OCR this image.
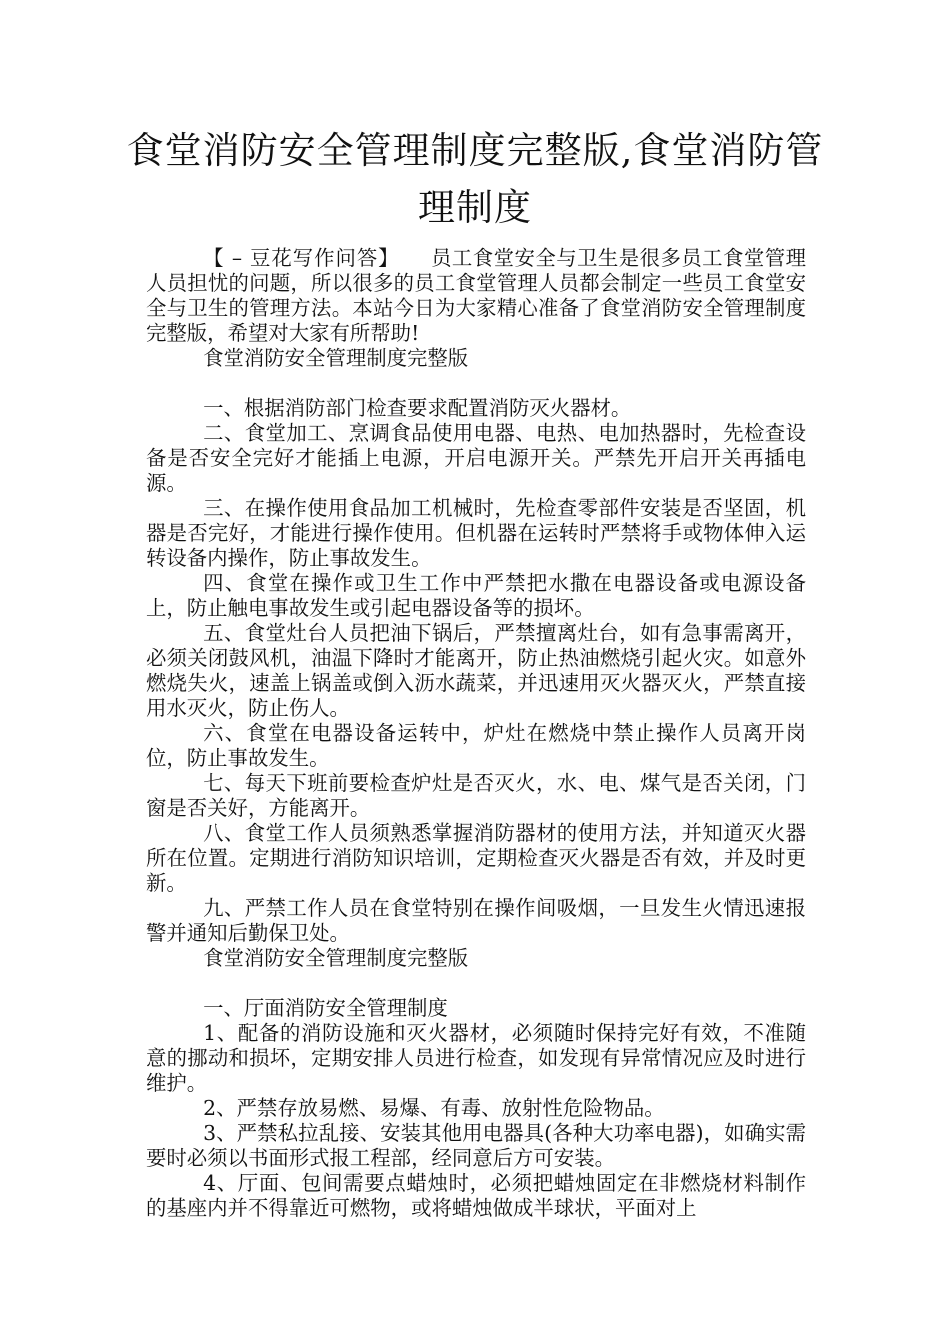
食堂消防安全管理制度完整版,食堂消防管理制度

【 – 豆花写作问答】　　 员工食堂安全与卫生是很多员工食堂管理人员担忧的问题，所以很多的员工食堂管理人员都会制定一些员工食堂安全与卫生的管理方法。本站今日为大家精心准备了食堂消防安全管理制度完整版，希望对大家有所帮助!

食堂消防安全管理制度完整版

一、根据消防部门检查要求配置消防灭火器材。

二、食堂加工、烹调食品使用电器、电热、电加热器时，先检查设备是否安全完好才能插上电源，开启电源开关。严禁先开启开关再插电源。

三、在操作使用食品加工机械时，先检查零部件安装是否坚固，机器是否完好，才能进行操作使用。但机器在运转时严禁将手或物体伸入运转设备内操作，防止事故发生。

四、食堂在操作或卫生工作中严禁把水撒在电器设备或电源设备上，防止触电事故发生或引起电器设备等的损坏。

五、食堂灶台人员把油下锅后，严禁擅离灶台，如有急事需离开，必须关闭鼓风机，油温下降时才能离开，防止热油燃烧引起火灾。如意外燃烧失火，速盖上锅盖或倒入沥水蔬菜，并迅速用灭火器灭火，严禁直接用水灭火，防止伤人。

六、食堂在电器设备运转中，炉灶在燃烧中禁止操作人员离开岗位，防止事故发生。

七、每天下班前要检查炉灶是否灭火，水、电、煤气是否关闭，门窗是否关好，方能离开。

八、食堂工作人员须熟悉掌握消防器材的使用方法，并知道灭火器所在位置。定期进行消防知识培训，定期检查灭火器是否有效，并及时更新。

九、严禁工作人员在食堂特别在操作间吸烟，一旦发生火情迅速报警并通知后勤保卫处。

食堂消防安全管理制度完整版

一、厅面消防安全管理制度

1、配备的消防设施和灭火器材，必须随时保持完好有效，不准随意的挪动和损坏，定期安排人员进行检查，如发现有异常情况应及时进行维护。

2、严禁存放易燃、易爆、有毒、放射性危险物品。

3、严禁私拉乱接、安装其他用电器具(各种大功率电器)，如确实需要时必须以书面形式报工程部，经同意后方可安装。

4、厅面、包间需要点蜡烛时，必须把蜡烛固定在非燃烧材料制作的基座内并不得靠近可燃物，或将蜡烛做成半球状，平面对上
